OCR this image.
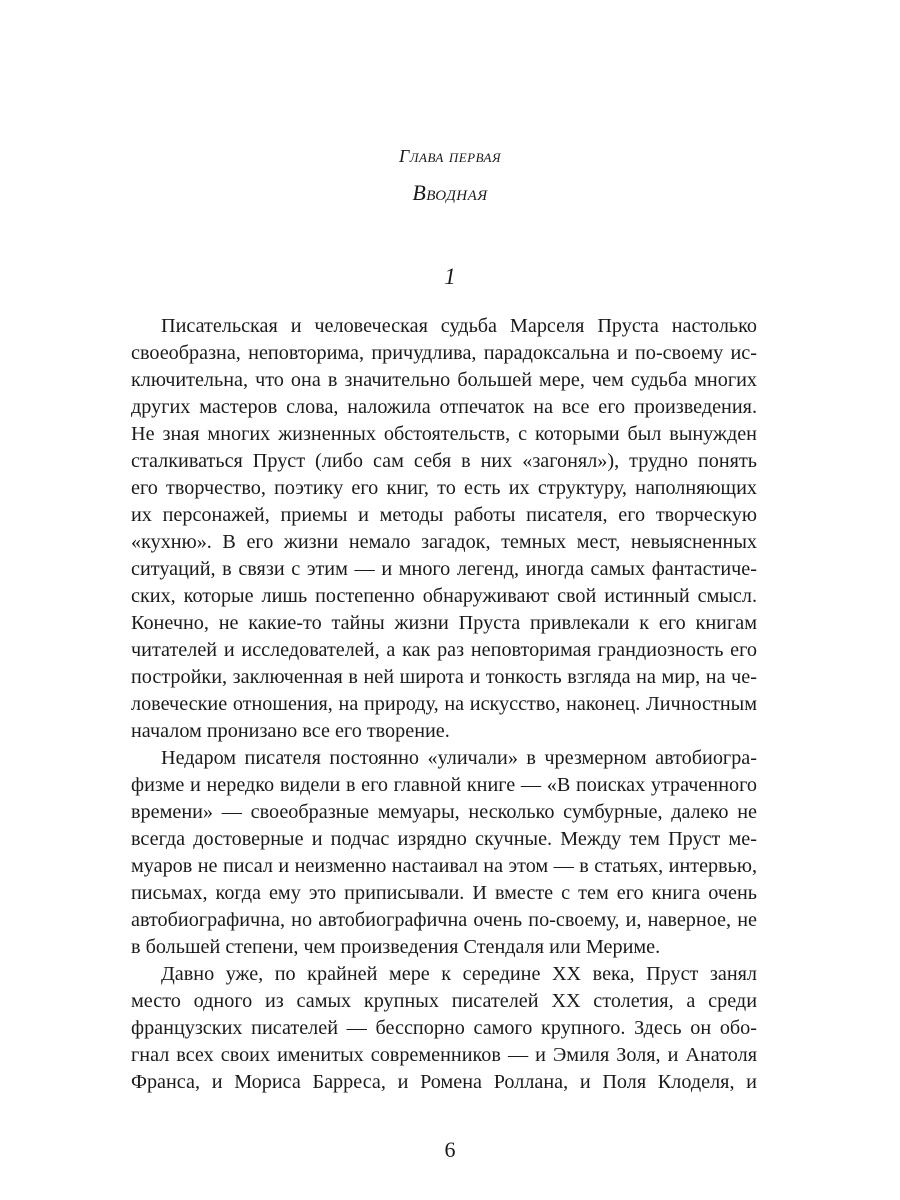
Глава первая
Вводная
1
Писательская и человеческая судьба Марселя Пруста настолько
своеобразна, неповторима, причудлива, парадоксальна и по-своему ис-
ключительна, что она в значительно большей мере, чем судьба многих
других мастеров слова, наложила отпечаток на все его произведения.
Не зная многих жизненных обстоятельств, с которыми был вынужден
сталкиваться Пруст (либо сам себя в них «загонял»), трудно понять
его творчество, поэтику его книг, то есть их структуру, наполняющих
их персонажей, приемы и методы работы писателя, его творческую
«кухню». В его жизни немало загадок, темных мест, невыясненных
ситуаций, в связи с этим — и много легенд, иногда самых фантастиче-
ских, которые лишь постепенно обнаруживают свой истинный смысл.
Конечно, не какие-то тайны жизни Пруста привлекали к его книгам
читателей и исследователей, а как раз неповторимая грандиозность его
постройки, заключенная в ней широта и тонкость взгляда на мир, на че-
ловеческие отношения, на природу, на искусство, наконец. Личностным
началом пронизано все его творение.
Недаром писателя постоянно «уличали» в чрезмерном автобиогра-
физме и нередко видели в его главной книге — «В поисках утраченного
времени» — своеобразные мемуары, несколько сумбурные, далеко не
всегда достоверные и подчас изрядно скучные. Между тем Пруст ме-
муаров не писал и неизменно настаивал на этом — в статьях, интервью,
письмах, когда ему это приписывали. И вместе с тем его книга очень
автобиографична, но автобиографична очень по-своему, и, наверное, не
в большей степени, чем произведения Стендаля или Мериме.
Давно уже, по крайней мере к середине XX века, Пруст занял
место одного из самых крупных писателей XX столетия, а среди
французских писателей — бесспорно самого крупного. Здесь он обо-
гнал всех своих именитых современников — и Эмиля Золя, и Анатоля
Франса, и Мориса Барреса, и Ромена Роллана, и Поля Клоделя, и
6
